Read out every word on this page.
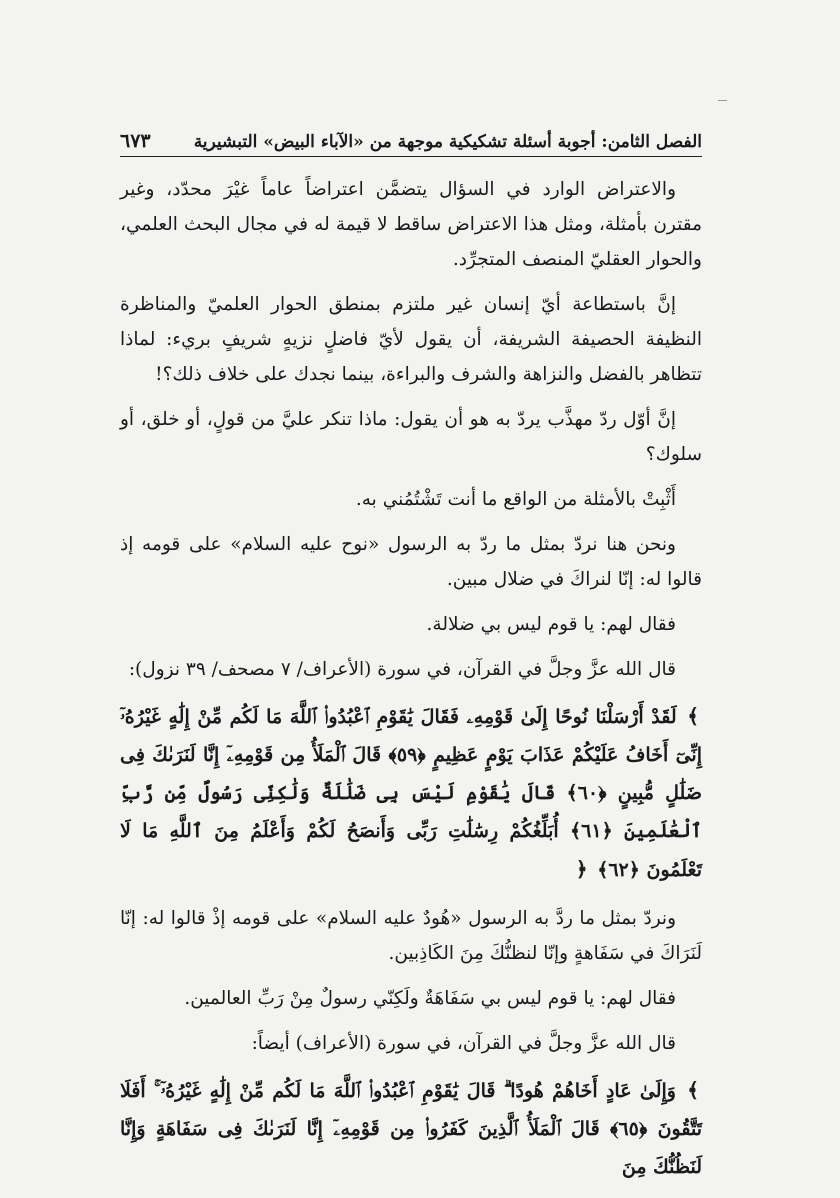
٦٧٣	الفصل الثامن: أجوبة أسئلة تشكيكية موجهة من «الآباء البيض» التبشيرية

والاعتراض الوارد في السؤال يتضمَّن اعتراضاً عاماً غيْرَ محدّد، وغير مقترن بأمثلة، ومثل هذا الاعتراض ساقط لا قيمة له في مجال البحث العلمي، والحوار العقليّ المنصف المتجرِّد.

إنَّ باستطاعة أيّ إنسان غير ملتزم بمنطق الحوار العلميّ والمناظرة النظيفة الحصيفة الشريفة، أن يقول لأيّ فاضلٍ نزيهٍ شريفٍ بريء: لماذا تتظاهر بالفضل والنزاهة والشرف والبراءة، بينما نجدك على خلاف ذلك؟!

إنَّ أوّل ردّ مهذَّب يردّ به هو أن يقول: ماذا تنكر عليَّ من قولٍ، أو خلق، أو سلوك؟

أَثْبِتْ بالأمثلة من الواقع ما أنت تَشْتُمُني به.

ونحن هنا نردّ بمثل ما ردّ به الرسول «نوح عليه السلام» على قومه إذ قالوا له: إنّا لنراكَ في ضلال مبين.

فقال لهم: يا قوم ليس بي ضلالة.

قال الله عزَّ وجلَّ في القرآن، في سورة (الأعراف/ ٧ مصحف/ ٣٩ نزول):

﴾ لَقَدْ أَرْسَلْنَا نُوحًا إِلَىٰ قَوْمِهِۦ فَقَالَ يَٰقَوْمِ ٱعْبُدُوا۟ ٱللَّهَ مَا لَكُم مِّنْ إِلَٰهٍ غَيْرُهُۥٓ إِنِّىٓ أَخَافُ عَلَيْكُمْ عَذَابَ يَوْمٍ عَظِيمٍ ﴿٥٩﴾ قَالَ ٱلْمَلَأُ مِن قَوْمِهِۦٓ إِنَّا لَنَرَىٰكَ فِى ضَلَٰلٍ مُّبِينٍ ﴿٦٠﴾ قَالَ يَٰقَوْمِ لَيْسَ بِى ضَلَٰلَةٌ وَلَٰكِنِّى رَسُولٌ مِّن رَّبِّ ٱلْعَٰلَمِينَ ﴿٦١﴾ أُبَلِّغُكُمْ رِسَٰلَٰتِ رَبِّى وَأَنصَحُ لَكُمْ وَأَعْلَمُ مِنَ ٱللَّهِ مَا لَا تَعْلَمُونَ ﴿٦٢﴾ ﴿

ونردّ بمثل ما ردَّ به الرسول «هُودٌ عليه السلام» على قومه إذْ قالوا له: إنّا لَنَرَاكَ في سَفَاهةٍ وإنّا لنظنُّكَ مِنَ الكَاذِبين.

فقال لهم: يا قوم ليس بي سَفَاهَةٌ ولَكِنّي رسولٌ مِنْ رَبِّ العالمين.

قال الله عزَّ وجلَّ في القرآن، في سورة (الأعراف) أيضاً:

﴾ وَإِلَىٰ عَادٍ أَخَاهُمْ هُودًا ۗ قَالَ يَٰقَوْمِ ٱعْبُدُوا۟ ٱللَّهَ مَا لَكُم مِّنْ إِلَٰهٍ غَيْرُهُۥٓ ۚ أَفَلَا تَتَّقُونَ ﴿٦٥﴾ قَالَ ٱلْمَلَأُ ٱلَّذِينَ كَفَرُوا۟ مِن قَوْمِهِۦٓ إِنَّا لَنَرَىٰكَ فِى سَفَاهَةٍ وَإِنَّا لَنَظُنُّكَ مِنَ
